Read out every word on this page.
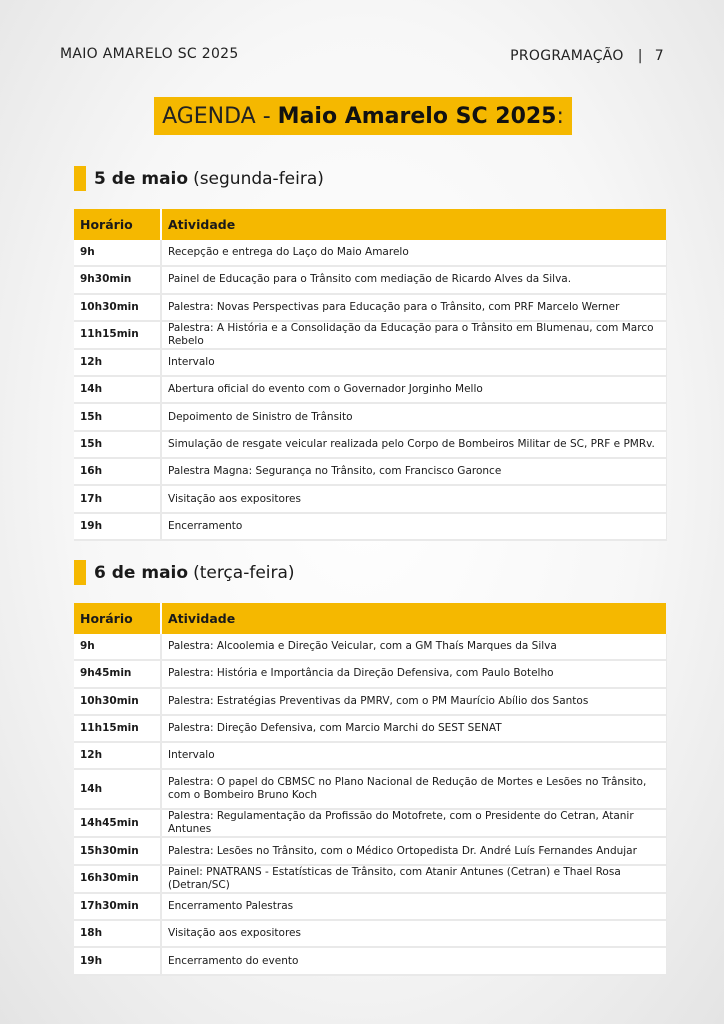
MAIO AMARELO SC 2025	PROGRAMAÇÃO | 7
AGENDA -
Maio Amarelo SC 2025 :
5 de maio (segunda-feira)
Horário	Atividade
9h	Recepção e entrega do Laço do Maio Amarelo
9h30min	Painel de Educação para o Trânsito com mediação de Ricardo Alves da Silva.
10h30min	Palestra: Novas Perspectivas para Educação para o Trânsito, com PRF Marcelo Werner
11h15min	Palestra: A História e a Consolidação da Educação para o Trânsito em Blumenau, com Marco Rebelo
12h	Intervalo
14h	Abertura oficial do evento com o Governador Jorginho Mello
15h	Depoimento de Sinistro de Trânsito
15h	Simulação de resgate veicular realizada pelo Corpo de Bombeiros Militar de SC, PRF e PMRv.
16h	Palestra Magna: Segurança no Trânsito, com Francisco Garonce
17h	Visitação aos expositores
19h	Encerramento
6 de maio (terça-feira)
Horário	Atividade
9h	Palestra: Alcoolemia e Direção Veicular, com a GM Thaís Marques da Silva
9h45min	Palestra: História e Importância da Direção Defensiva, com Paulo Botelho
10h30min	Palestra: Estratégias Preventivas da PMRV, com o PM Maurício Abílio dos Santos
11h15min	Palestra: Direção Defensiva, com Marcio Marchi do SEST SENAT
12h	Intervalo
14h	Palestra: O papel do CBMSC no Plano Nacional de Redução de Mortes e Lesões no Trânsito, com o Bombeiro Bruno Koch
14h45min	Palestra: Regulamentação da Profissão do Motofrete, com o Presidente do Cetran, Atanir Antunes
15h30min	Palestra: Lesões no Trânsito, com o Médico Ortopedista Dr. André Luís Fernandes Andujar
16h30min	Painel: PNATRANS - Estatísticas de Trânsito, com Atanir Antunes (Cetran) e Thael Rosa (Detran/SC)
17h30min	Encerramento Palestras
18h	Visitação aos expositores
19h	Encerramento do evento
